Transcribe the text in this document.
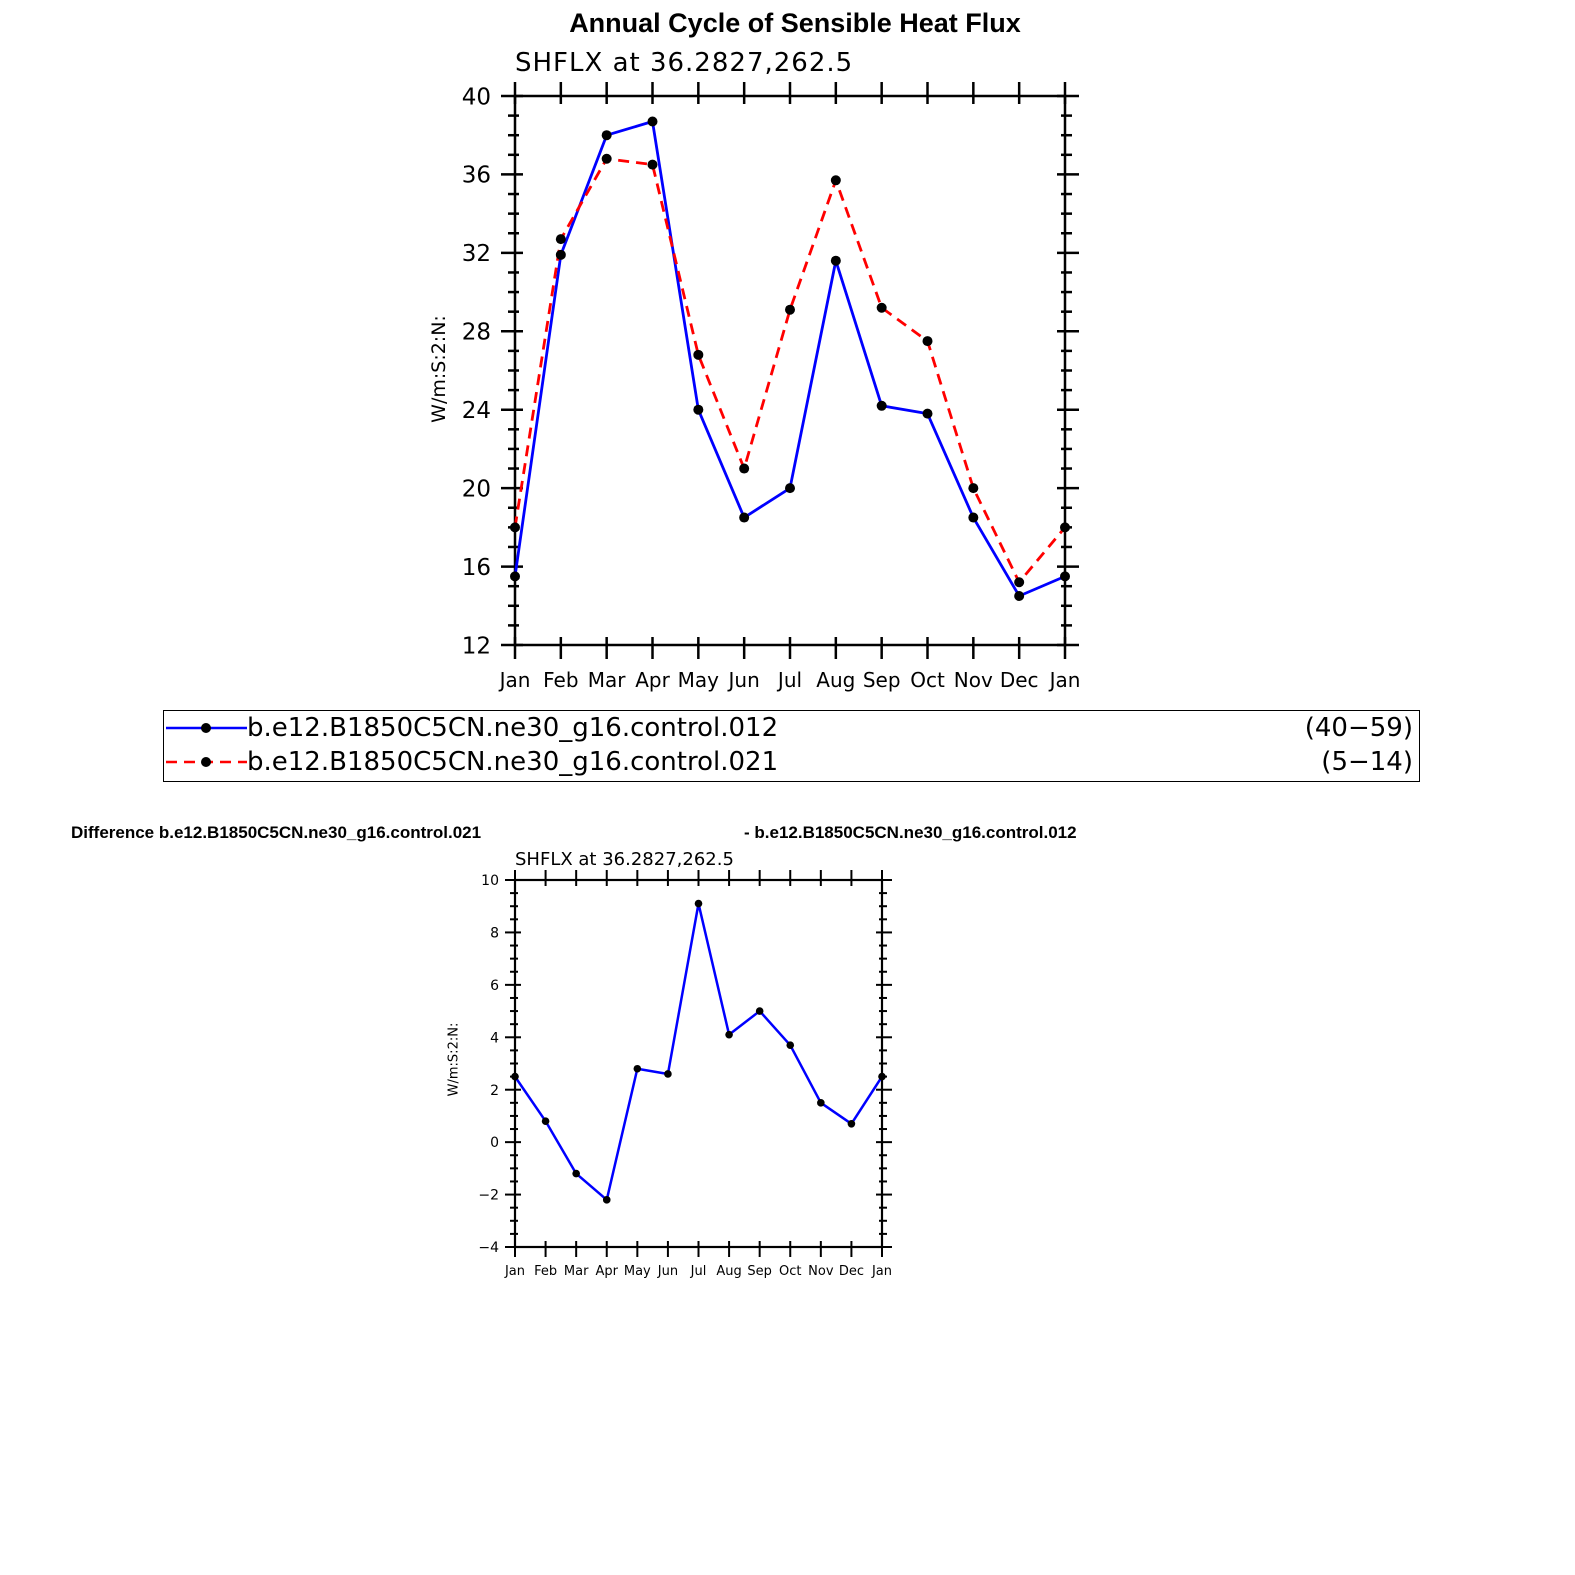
Annual Cycle of Sensible Heat Flux
SHFLX at 36.2827,262.5
W/m:S:2:N:
Jan Feb Mar Apr May Jun Jul Aug Sep Oct Nov Dec Jan
12
16
20
24
28
32
36
40
b.e12.B1850C5CN.ne30_g16.control.012	(40−59)
b.e12.B1850C5CN.ne30_g16.control.021	(5−14)
Difference b.e12.B1850C5CN.ne30_g16.control.021	- b.e12.B1850C5CN.ne30_g16.control.012
SHFLX at 36.2827,262.5
W/m:S:2:N:
Jan Feb Mar Apr May Jun Jul Aug Sep Oct Nov Dec Jan
−4
−2
0
2
4
6
8
10
